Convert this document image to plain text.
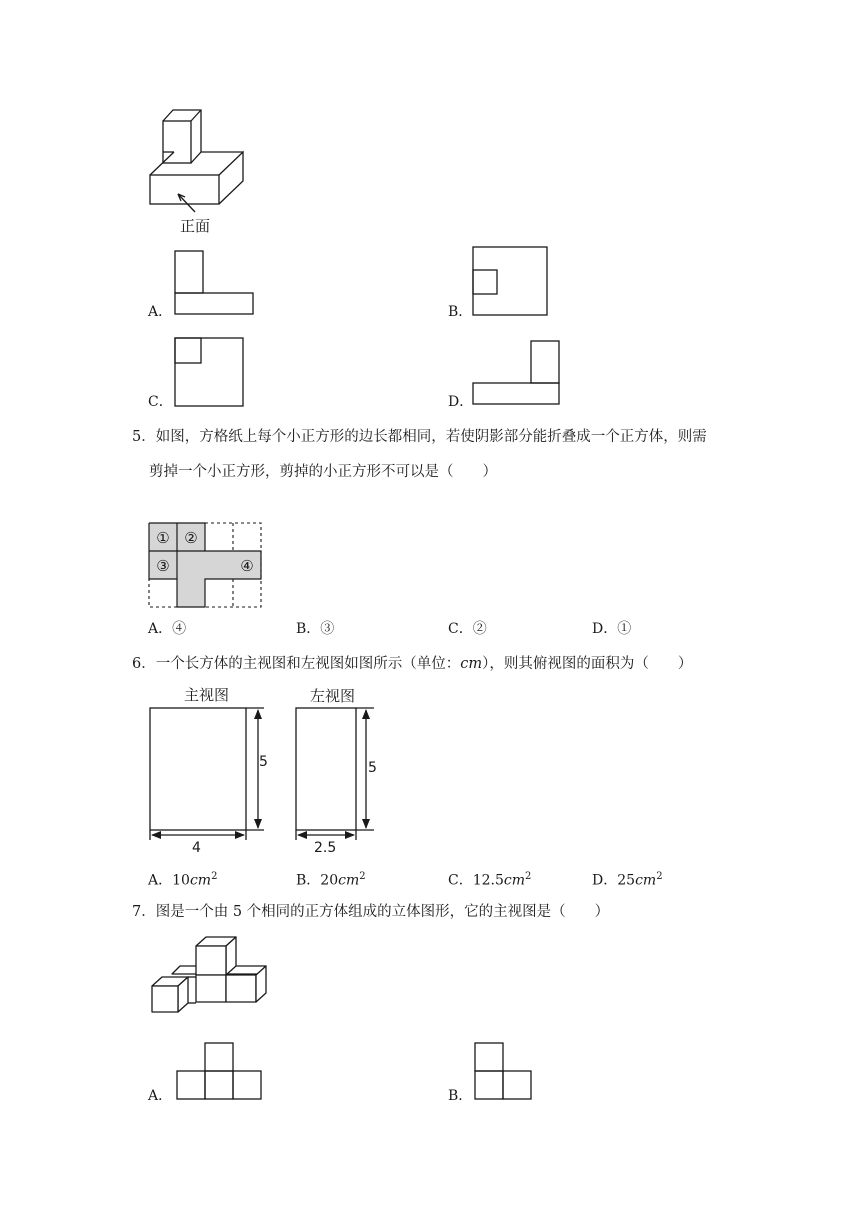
正面
A．	B．
C．	D．
5．如图，方格纸上每个小正方形的边长都相同，若使阴影部分能折叠成一个正方体，则需
剪掉一个小正方形，剪掉的小正方形不可以是（　　）
① ②
③	④
A．④	B．③	C．②	D．①
6．一个长方体的主视图和左视图如图所示（单位：cm），则其俯视图的面积为（　　）
主视图	左视图
5
4
5
2.5
A．$10cm^2$	B．$20cm^2$	C．$12.5cm^2$	D．$25cm^2$
7．图是一个由 5 个相同的正方体组成的立体图形，它的主视图是（　　）
A．	B．
